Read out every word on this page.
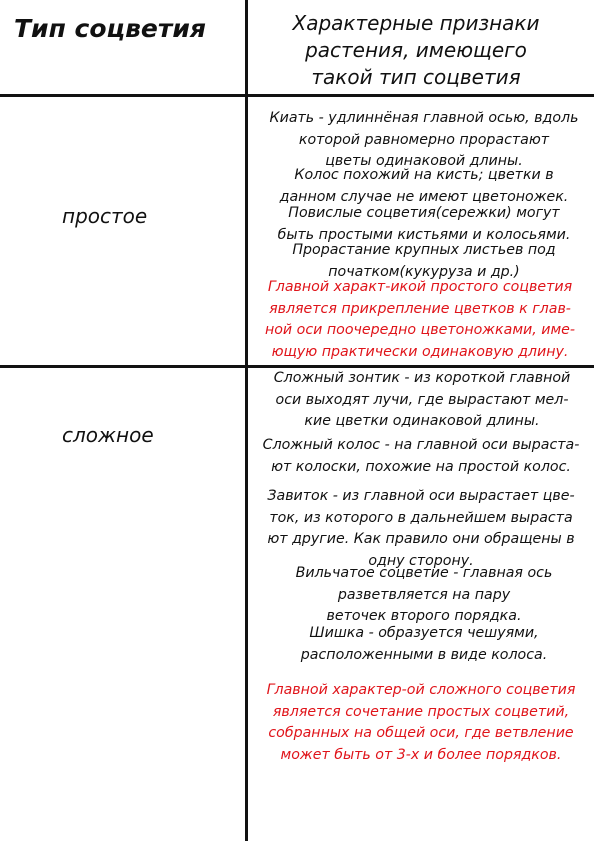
Тип соцветия	Характерные признаки
растения, имеющего
такой тип соцветия
простое
сложное
Киать - удлиннёная главной осью, вдоль
которой равномерно прорастают
цветы одинаковой длины.
Колос похожий на кисть; цветки в
данном случае не имеют цветоножек.
Повислые соцветия(сережки) могут
быть простыми кистьями и колосьями.
Прорастание крупных листьев под
початком(кукуруза и др.)
Главной характ-икой простого соцветия
является прикрепление цветков к глав-
ной оси поочередно цветоножками, име-
ющую практически одинаковую длину.
Сложный зонтик - из короткой главной
оси выходят лучи, где вырастают мел-
кие цветки одинаковой длины.
Сложный колос - на главной оси выраста-
ют колоски, похожие на простой колос.
Завиток - из главной оси вырастает цве-
ток, из которого в дальнейшем выраста
ют другие. Как правило они обращены в
одну сторону.
Вильчатое соцветие - главная ось
разветвляется на пару
веточек второго порядка.
Шишка - образуется чешуями,
расположенными в виде колоса.
Главной характер-ой сложного соцветия
является сочетание простых соцветий,
собранных на общей оси, где ветвление
может быть от 3-х и более порядков.
